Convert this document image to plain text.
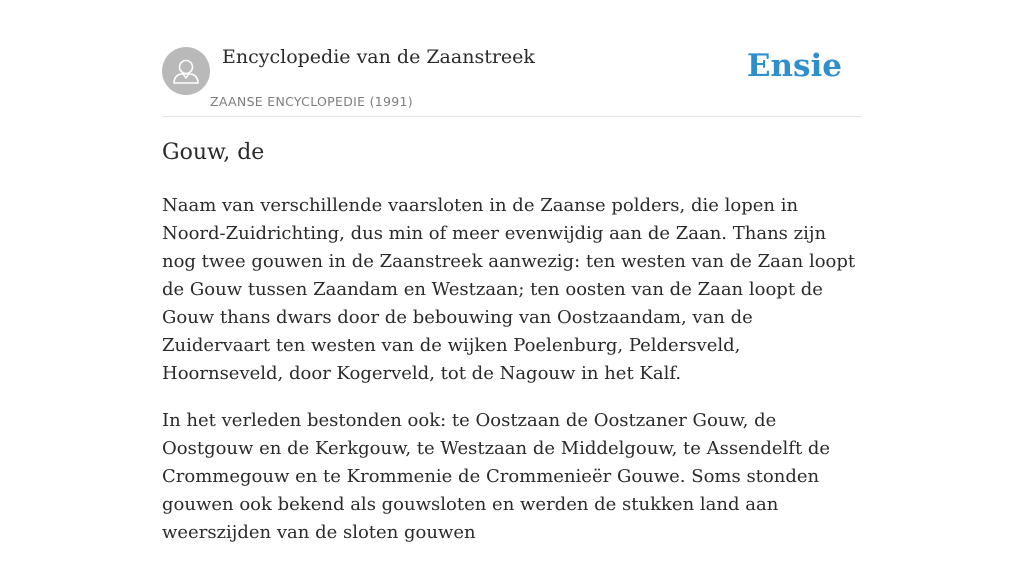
Encyclopedie van de Zaanstreek
ZAANSE ENCYCLOPEDIE (1991)
Ensie
Gouw, de

Naam van verschillende vaarsloten in de Zaanse polders, die lopen in Noord-Zuidrichting, dus min of meer evenwijdig aan de Zaan. Thans zijn nog twee gouwen in de Zaanstreek aanwezig: ten westen van de Zaan loopt de Gouw tussen Zaandam en Westzaan; ten oosten van de Zaan loopt de Gouw thans dwars door de bebouwing van Oostzaandam, van de Zuidervaart ten westen van de wijken Poelenburg, Peldersveld, Hoornseveld, door Kogerveld, tot de Nagouw in het Kalf.

In het verleden bestonden ook: te Oostzaan de Oostzaner Gouw, de Oostgouw en de Kerkgouw, te Westzaan de Middelgouw, te Assendelft de Crommegouw en te Krommenie de Crommenieër Gouwe. Soms stonden gouwen ook bekend als gouwsloten en werden de stukken land aan weerszijden van de sloten gouwen
